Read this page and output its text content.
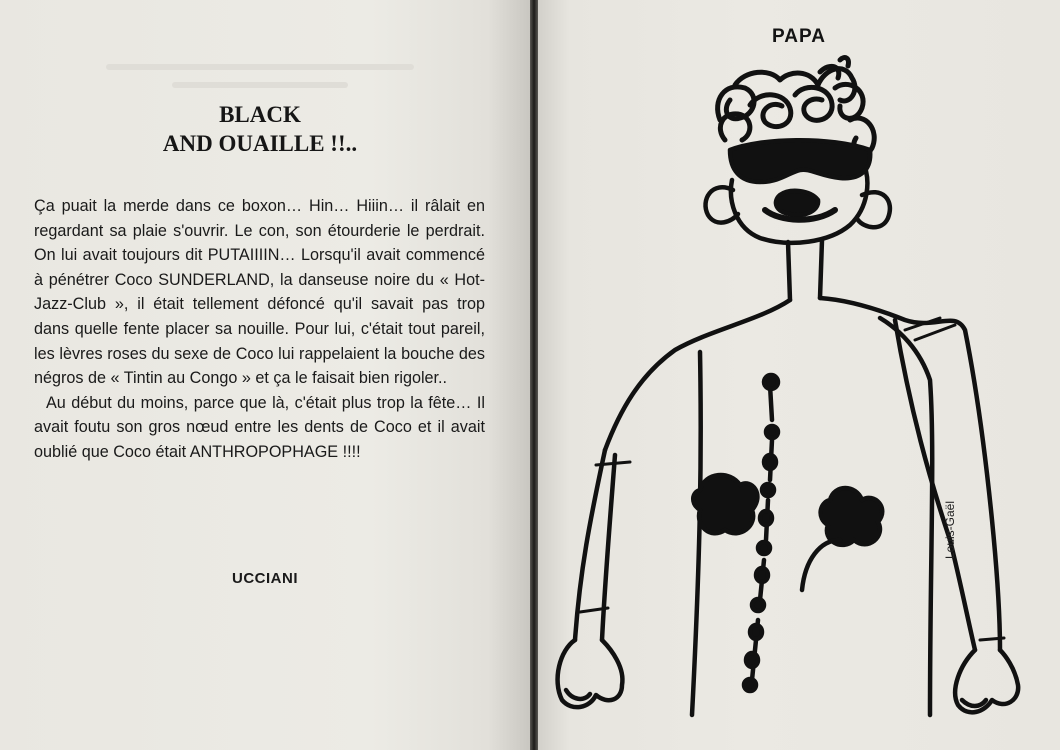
BLACK
AND OUAILLE !!..

Ça puait la merde dans ce boxon… Hin… Hiiin… il râlait en regardant sa plaie s'ouvrir. Le con, son étourderie le perdrait. On lui avait toujours dit PUTAIIIIN… Lorsqu'il avait commencé à pénétrer Coco SUNDERLAND, la danseuse noire du « Hot-Jazz-Club », il était tellement défoncé qu'il savait pas trop dans quelle fente placer sa nouille. Pour lui, c'était tout pareil, les lèvres roses du sexe de Coco lui rappelaient la bouche des négros de « Tintin au Congo » et ça le faisait bien rigoler..

Au début du moins, parce que là, c'était plus trop la fête… Il avait foutu son gros nœud entre les dents de Coco et il avait oublié que Coco était ANTHROPOPHAGE !!!!

UCCIANI
PAPA
Louis-Gaël
